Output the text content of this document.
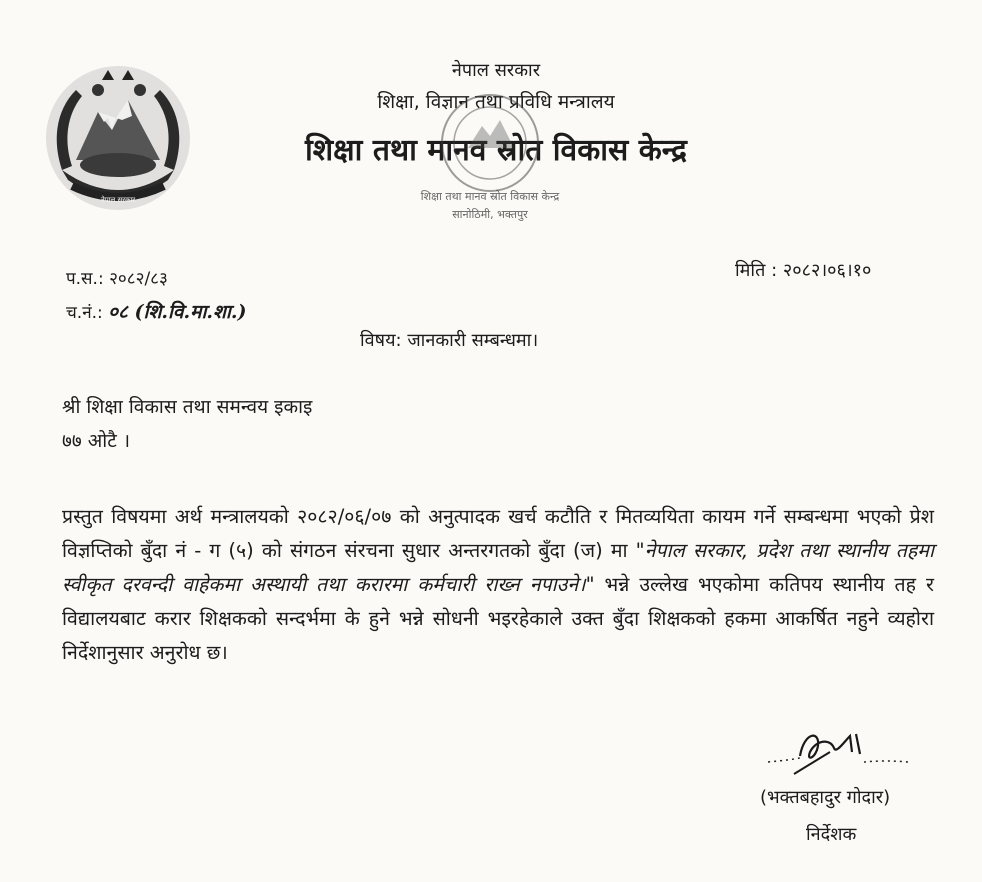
नेपाल सरकार
शिक्षा, विज्ञान तथा प्रविधि मन्त्रालय
शिक्षा तथा मानव स्रोत विकास केन्द्र
नेपाल सरकार	शिक्षा तथा मानव स्रोत विकास केन्द्र
सानोठिमी, भक्तपुर
प.स.: २०८२/८३
च.नं.: ०८ (शि.वि.मा.शा.)
मिति : २०८२।०६।१०
विषय: जानकारी सम्बन्धमा।
श्री शिक्षा विकास तथा समन्वय इकाइ
७७ ओटै ।
प्रस्तुत विषयमा अर्थ मन्त्रालयको २०८२/०६/०७ को अनुत्पादक खर्च कटौति र मितव्ययिता कायम गर्ने सम्बन्धमा भएको प्रेश विज्ञप्तिको बुँदा नं - ग (५) को संगठन संरचना सुधार अन्तरगतको बुँदा (ज) मा "नेपाल सरकार, प्रदेश तथा स्थानीय तहमा स्वीकृत दरवन्दी वाहेकमा अस्थायी तथा करारमा कर्मचारी राख्न नपाउने।" भन्ने उल्लेख भएकोमा कतिपय स्थानीय तह र विद्यालयबाट करार शिक्षकको सन्दर्भमा के हुने भन्ने सोधनी भइरहेकाले उक्त बुँदा शिक्षकको हकमा आकर्षित नहुने व्यहोरा निर्देशानुसार अनुरोध छ।
(भक्तबहादुर गोदार)
निर्देशक
